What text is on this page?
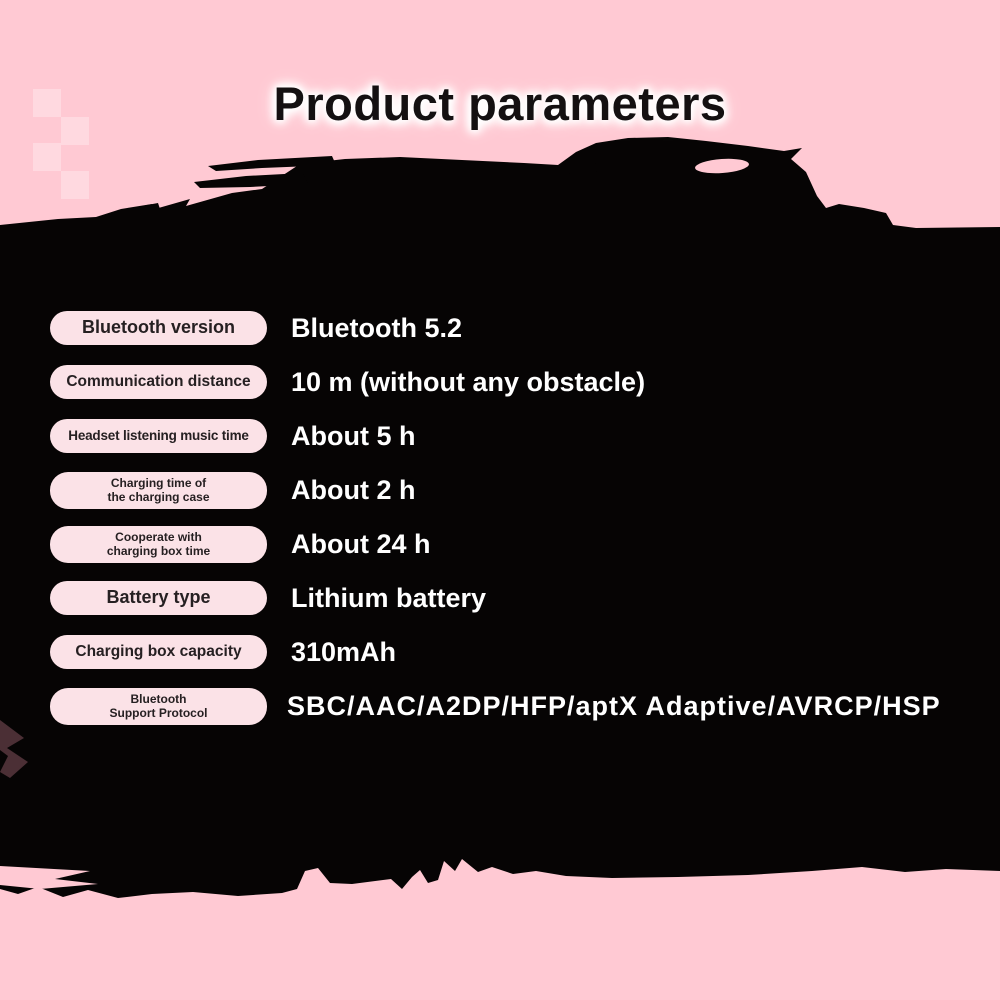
Product parameters
Bluetooth version Bluetooth 5.2
Communication distance 10 m (without any obstacle)
Headset listening music time About 5 h
Charging time of
the charging case	About 2 h
Cooperate with
charging box time	About 24 h
Battery type	Lithium battery
Charging box capacity 310mAh
Bluetooth
Support Protocol	SBC/AAC/A2DP/HFP/aptX Adaptive/AVRCP/HSP
